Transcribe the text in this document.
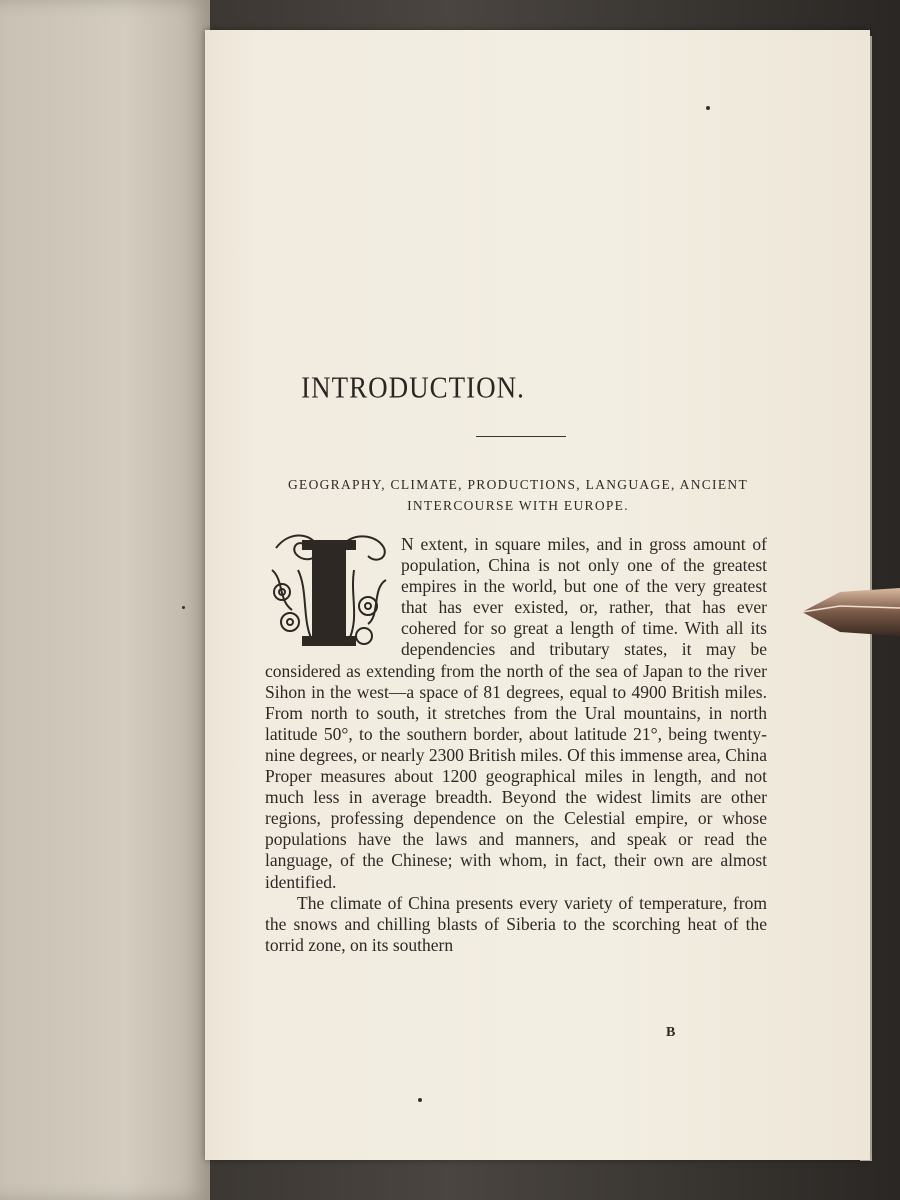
INTRODUCTION.
GEOGRAPHY, CLIMATE, PRODUCTIONS, LANGUAGE, ANCIENT
INTERCOURSE WITH EUROPE.

N extent, in square miles, and in gross amount of population, China is not only one of the greatest empires in the world, but one of the very greatest that has ever existed, or, rather, that has ever cohered for so great a length of time. With all its dependencies and tributary states, it may be considered as extending from the north of the sea of Japan to the river Sihon in the west—a space of 81 degrees, equal to 4900 British miles. From north to south, it stretches from the Ural mountains, in north latitude 50°, to the southern border, about latitude 21°, being twenty-nine degrees, or nearly 2300 British miles. Of this immense area, China Proper measures about 1200 geographical miles in length, and not much less in average breadth. Beyond the widest limits are other regions, professing dependence on the Celestial empire, or whose populations have the laws and manners, and speak or read the language, of the Chinese; with whom, in fact, their own are almost identified.

The climate of China presents every variety of temperature, from the snows and chilling blasts of Siberia to the scorching heat of the torrid zone, on its southern

B
